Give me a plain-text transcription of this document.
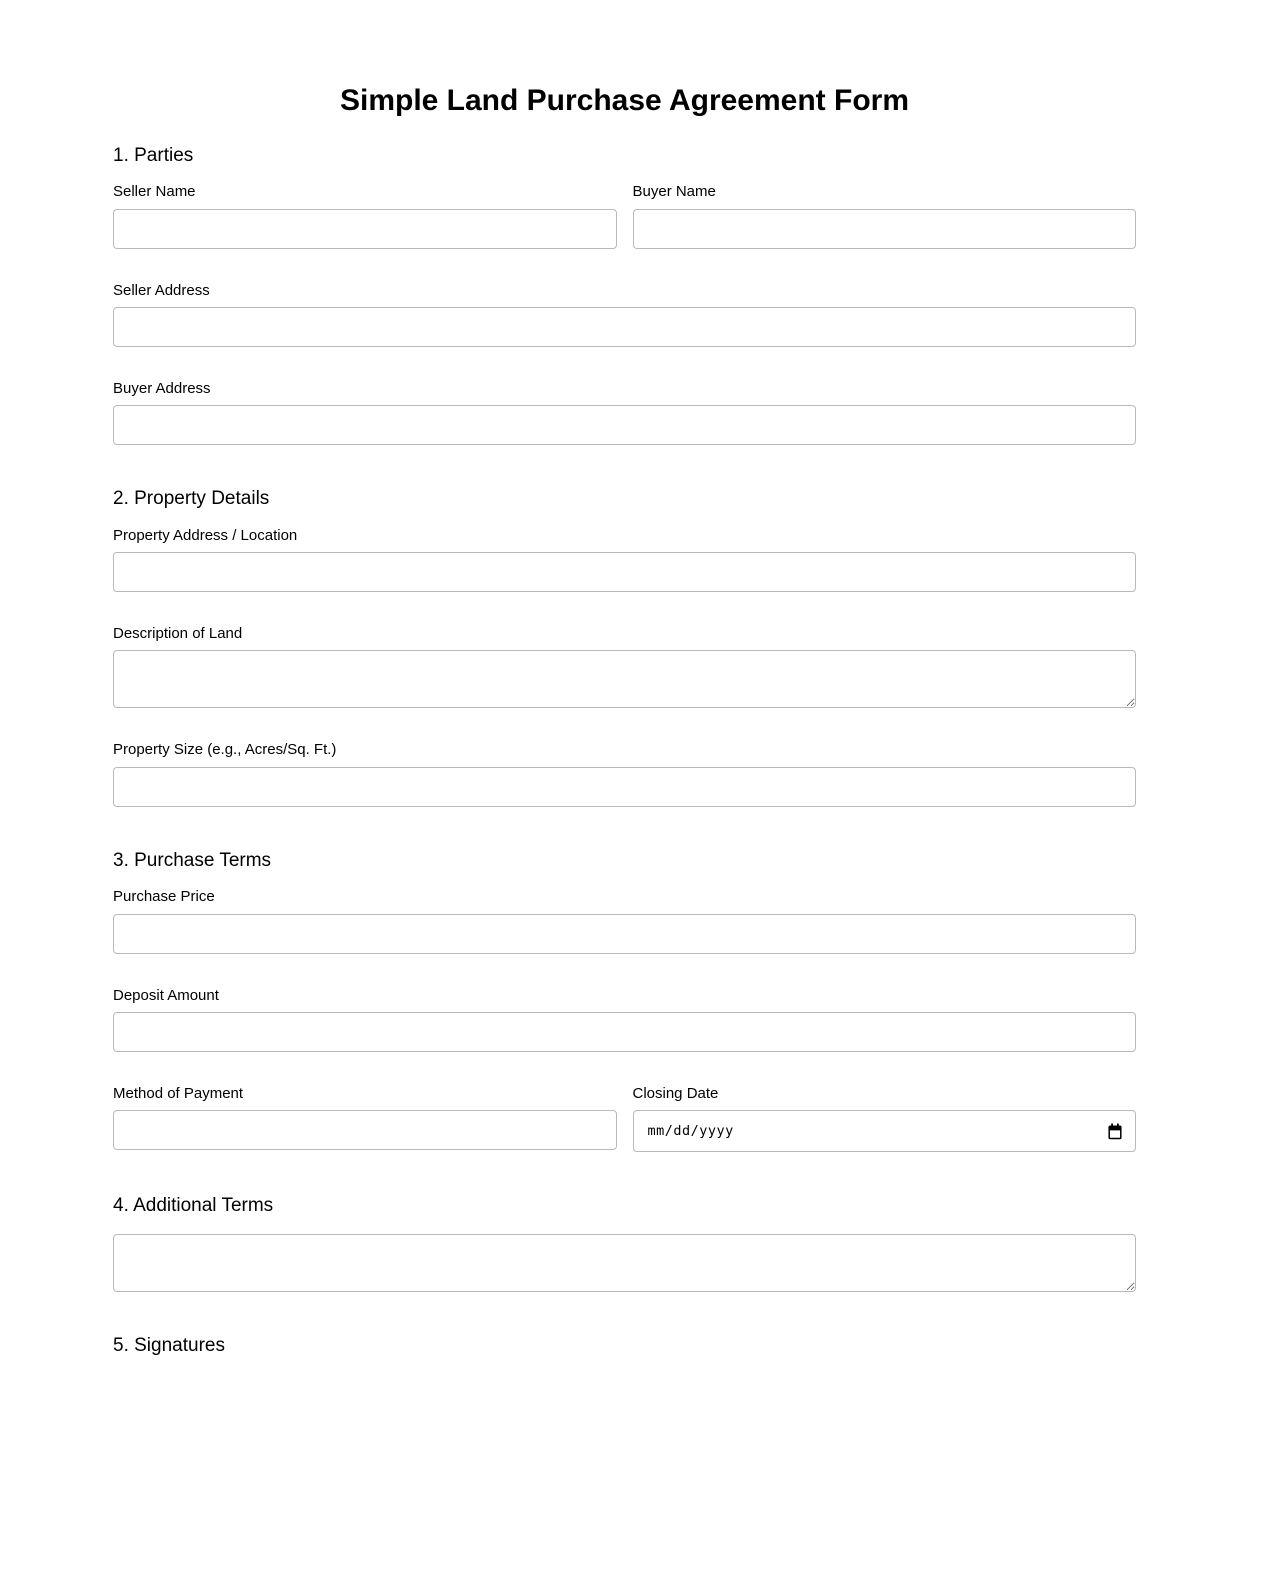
Simple Land Purchase Agreement Form
1. Parties
Seller Name	Buyer Name
Seller Address
Buyer Address
2. Property Details
Property Address / Location
Description of Land
Property Size (e.g., Acres/Sq. Ft.)
3. Purchase Terms
Purchase Price
Deposit Amount
Method of Payment	Closing Date
mm/dd/yyyy
4. Additional Terms
5. Signatures
